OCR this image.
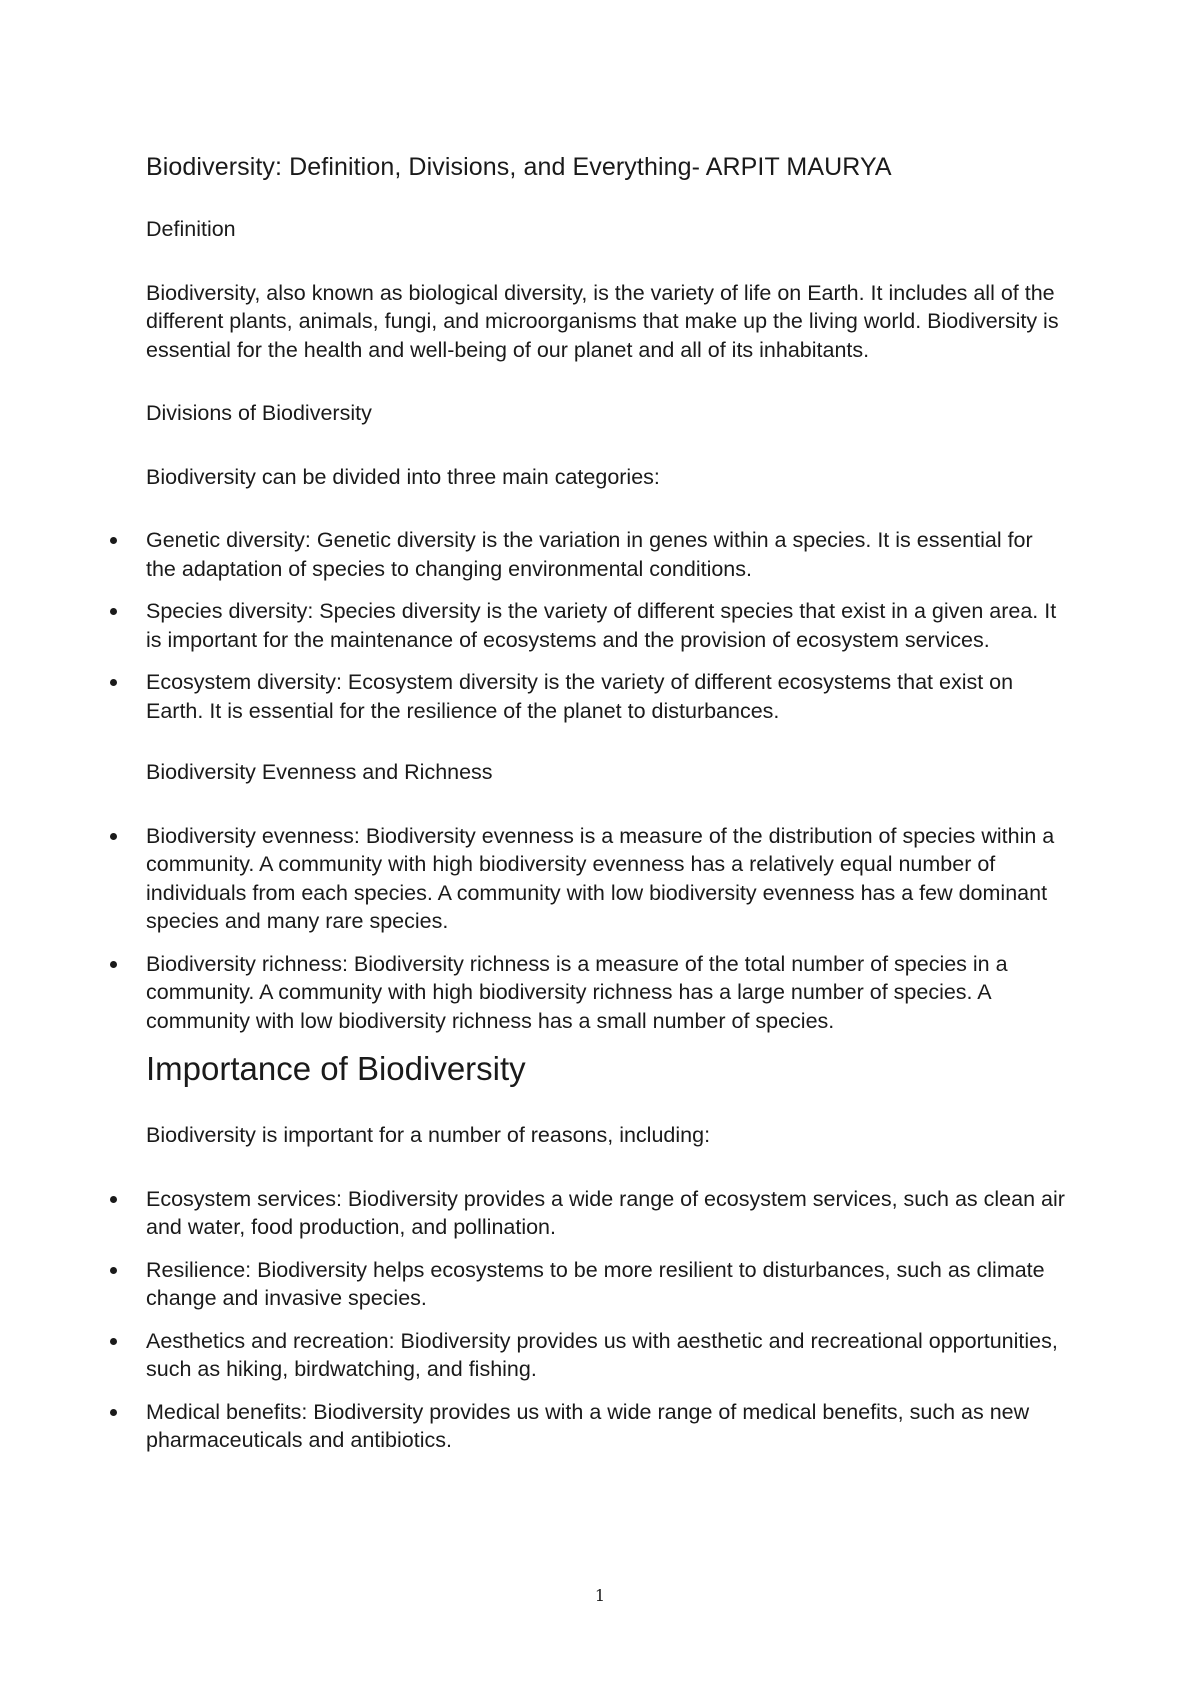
Biodiversity: Definition, Divisions, and Everything- ARPIT MAURYA
Definition
Biodiversity, also known as biological diversity, is the variety of life on Earth. It includes all of the different plants, animals, fungi, and microorganisms that make up the living world. Biodiversity is essential for the health and well-being of our planet and all of its inhabitants.
Divisions of Biodiversity
Biodiversity can be divided into three main categories:
Genetic diversity: Genetic diversity is the variation in genes within a species. It is essential for the adaptation of species to changing environmental conditions.
Species diversity: Species diversity is the variety of different species that exist in a given area. It is important for the maintenance of ecosystems and the provision of ecosystem services.
Ecosystem diversity: Ecosystem diversity is the variety of different ecosystems that exist on Earth. It is essential for the resilience of the planet to disturbances.
Biodiversity Evenness and Richness
Biodiversity evenness: Biodiversity evenness is a measure of the distribution of species within a community. A community with high biodiversity evenness has a relatively equal number of individuals from each species. A community with low biodiversity evenness has a few dominant species and many rare species.
Biodiversity richness: Biodiversity richness is a measure of the total number of species in a community. A community with high biodiversity richness has a large number of species. A community with low biodiversity richness has a small number of species.
Importance of Biodiversity
Biodiversity is important for a number of reasons, including:
Ecosystem services: Biodiversity provides a wide range of ecosystem services, such as clean air and water, food production, and pollination.
Resilience: Biodiversity helps ecosystems to be more resilient to disturbances, such as climate change and invasive species.
Aesthetics and recreation: Biodiversity provides us with aesthetic and recreational opportunities, such as hiking, birdwatching, and fishing.
Medical benefits: Biodiversity provides us with a wide range of medical benefits, such as new pharmaceuticals and antibiotics.
1
